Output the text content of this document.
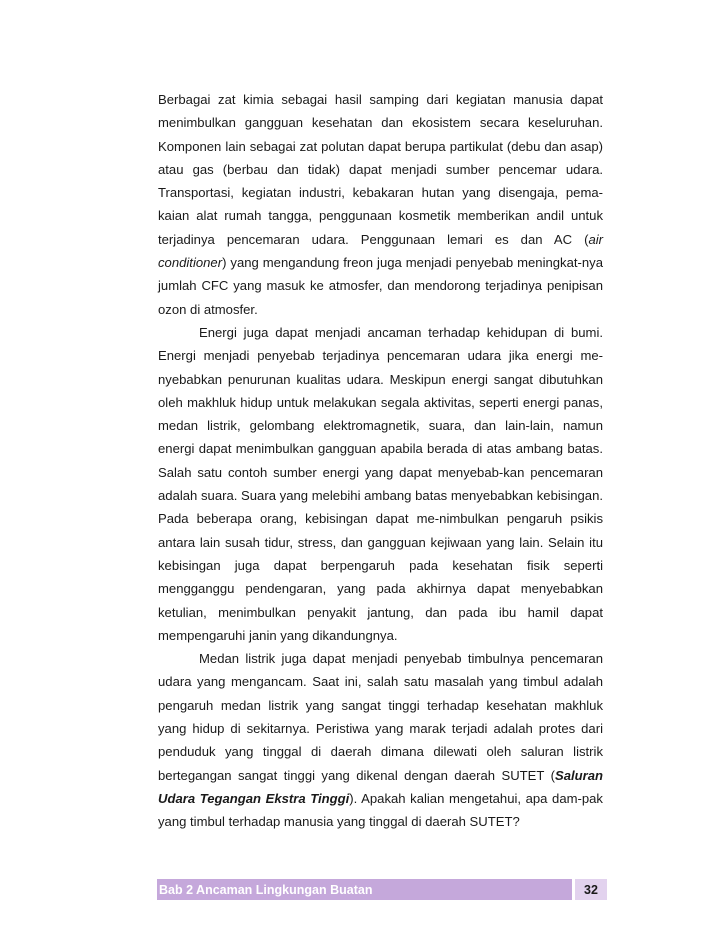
Berbagai zat kimia sebagai hasil samping dari kegiatan manusia dapat menimbulkan gangguan kesehatan dan ekosistem secara keseluruhan. Komponen lain sebagai zat polutan dapat berupa partikulat (debu dan asap) atau gas (berbau dan tidak) dapat menjadi sumber pencemar udara. Transportasi, kegiatan industri, kebakaran hutan yang disengaja, pema-kaian alat rumah tangga, penggunaan kosmetik memberikan andil untuk terjadinya pencemaran udara. Penggunaan lemari es dan AC (air conditioner) yang mengandung freon juga menjadi penyebab meningkat-nya jumlah CFC yang masuk ke atmosfer, dan mendorong terjadinya penipisan ozon di atmosfer.

Energi juga dapat menjadi ancaman terhadap kehidupan di bumi. Energi menjadi penyebab terjadinya pencemaran udara jika energi me-nyebabkan penurunan kualitas udara. Meskipun energi sangat dibutuhkan oleh makhluk hidup untuk melakukan segala aktivitas, seperti energi panas, medan listrik, gelombang elektromagnetik, suara, dan lain-lain, namun energi dapat menimbulkan gangguan apabila berada di atas ambang batas. Salah satu contoh sumber energi yang dapat menyebab-kan pencemaran adalah suara. Suara yang melebihi ambang batas menyebabkan kebisingan. Pada beberapa orang, kebisingan dapat me-nimbulkan pengaruh psikis antara lain susah tidur, stress, dan gangguan kejiwaan yang lain. Selain itu kebisingan juga dapat berpengaruh pada kesehatan fisik seperti mengganggu pendengaran, yang pada akhirnya dapat menyebabkan ketulian, menimbulkan penyakit jantung, dan pada ibu hamil dapat mempengaruhi janin yang dikandungnya.

Medan listrik juga dapat menjadi penyebab timbulnya pencemaran udara yang mengancam. Saat ini, salah satu masalah yang timbul adalah pengaruh medan listrik yang sangat tinggi terhadap kesehatan makhluk yang hidup di sekitarnya. Peristiwa yang marak terjadi adalah protes dari penduduk yang tinggal di daerah dimana dilewati oleh saluran listrik bertegangan sangat tinggi yang dikenal dengan daerah SUTET (Saluran Udara Tegangan Ekstra Tinggi). Apakah kalian mengetahui, apa dam-pak yang timbul terhadap manusia yang tinggal di daerah SUTET?

Bab 2 Ancaman Lingkungan Buatan	32
